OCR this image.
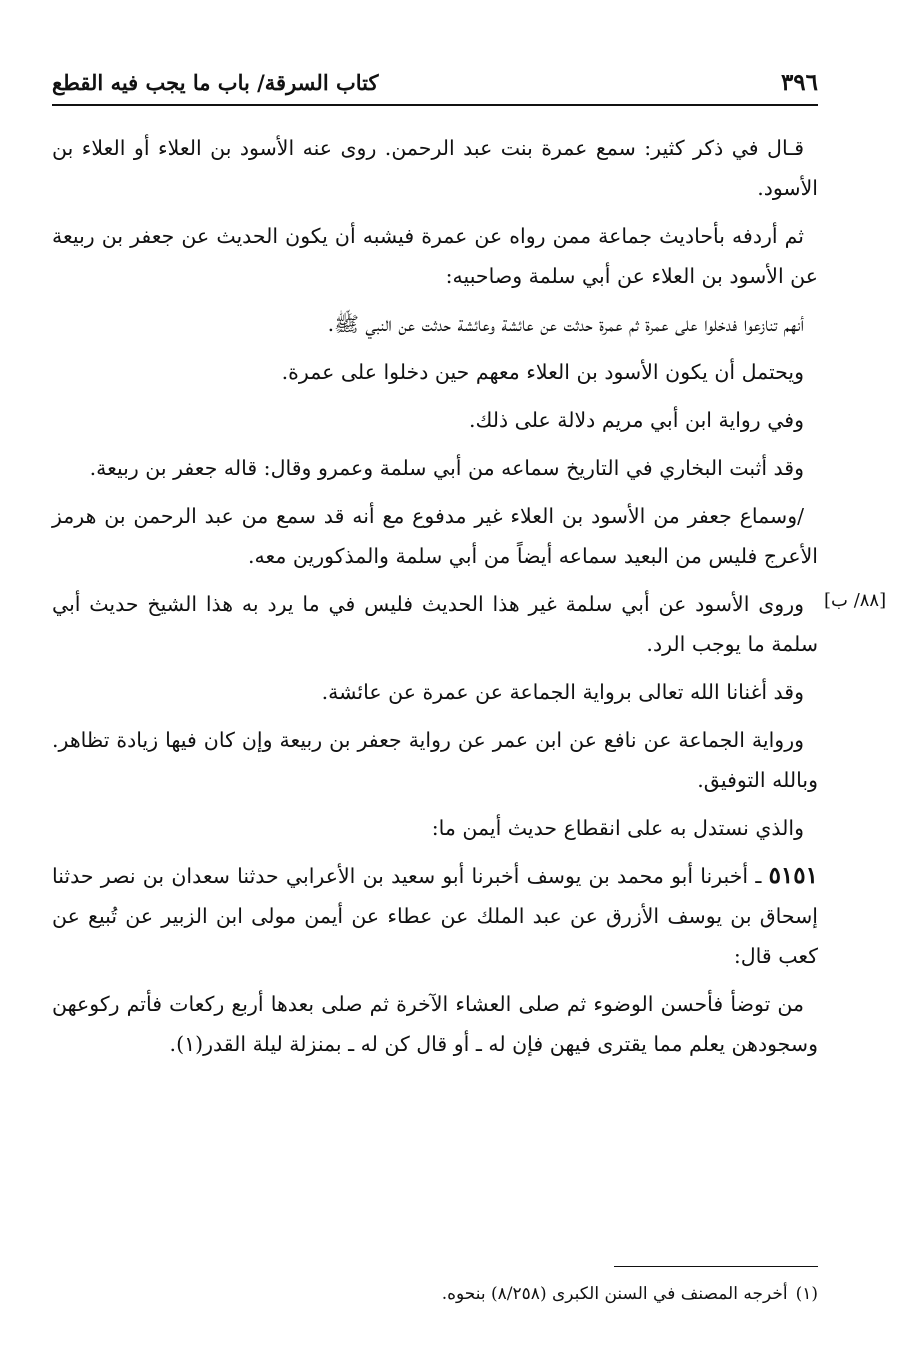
٣٩٦
كتاب السرقة/ باب ما يجب فيه القطع
[٨٨/ ب]

قـال في ذكر كثير: سمع عمرة بنت عبد الرحمن. روى عنه الأسود بن العلاء أو العلاء بن الأسود.

ثم أردفه بأحاديث جماعة ممن رواه عن عمرة فيشبه أن يكون الحديث عن جعفر بن ربيعة عن الأسود بن العلاء عن أبي سلمة وصاحبيه:

أنهم تنازعوا فدخلوا على عمرة ثم عمرة حدثت عن عائشة وعائشة حدثت عن النبي ﷺ.

ويحتمل أن يكون الأسود بن العلاء معهم حين دخلوا على عمرة.

وفي رواية ابن أبي مريم دلالة على ذلك.

وقد أثبت البخاري في التاريخ سماعه من أبي سلمة وعمرو وقال: قاله جعفر بن ربيعة.

/وسماع جعفر من الأسود بن العلاء غير مدفوع مع أنه قد سمع من عبد الرحمن بن هرمز الأعرج فليس من البعيد سماعه أيضاً من أبي سلمة والمذكورين معه.

وروى الأسود عن أبي سلمة غير هذا الحديث فليس في ما يرد به هذا الشيخ حديث أبي سلمة ما يوجب الرد.

وقد أغنانا الله تعالى برواية الجماعة عن عمرة عن عائشة.

ورواية الجماعة عن نافع عن ابن عمر عن رواية جعفر بن ربيعة وإن كان فيها زيادة تظاهر. وبالله التوفيق.

والذي نستدل به على انقطاع حديث أيمن ما:

٥١٥١ ـ أخبرنا أبو محمد بن يوسف أخبرنا أبو سعيد بن الأعرابي حدثنا سعدان بن نصر حدثنا إسحاق بن يوسف الأزرق عن عبد الملك عن عطاء عن أيمن مولى ابن الزبير عن تُبيع عن كعب قال:

من توضأ فأحسن الوضوء ثم صلى العشاء الآخرة ثم صلى بعدها أربع ركعات فأتم ركوعهن وسجودهن يعلم مما يقترى فيهن فإن له ـ أو قال كن له ـ بمنزلة ليلة القدر(١).

(١)أخرجه المصنف في السنن الكبرى (٨/٢٥٨) بنحوه.
